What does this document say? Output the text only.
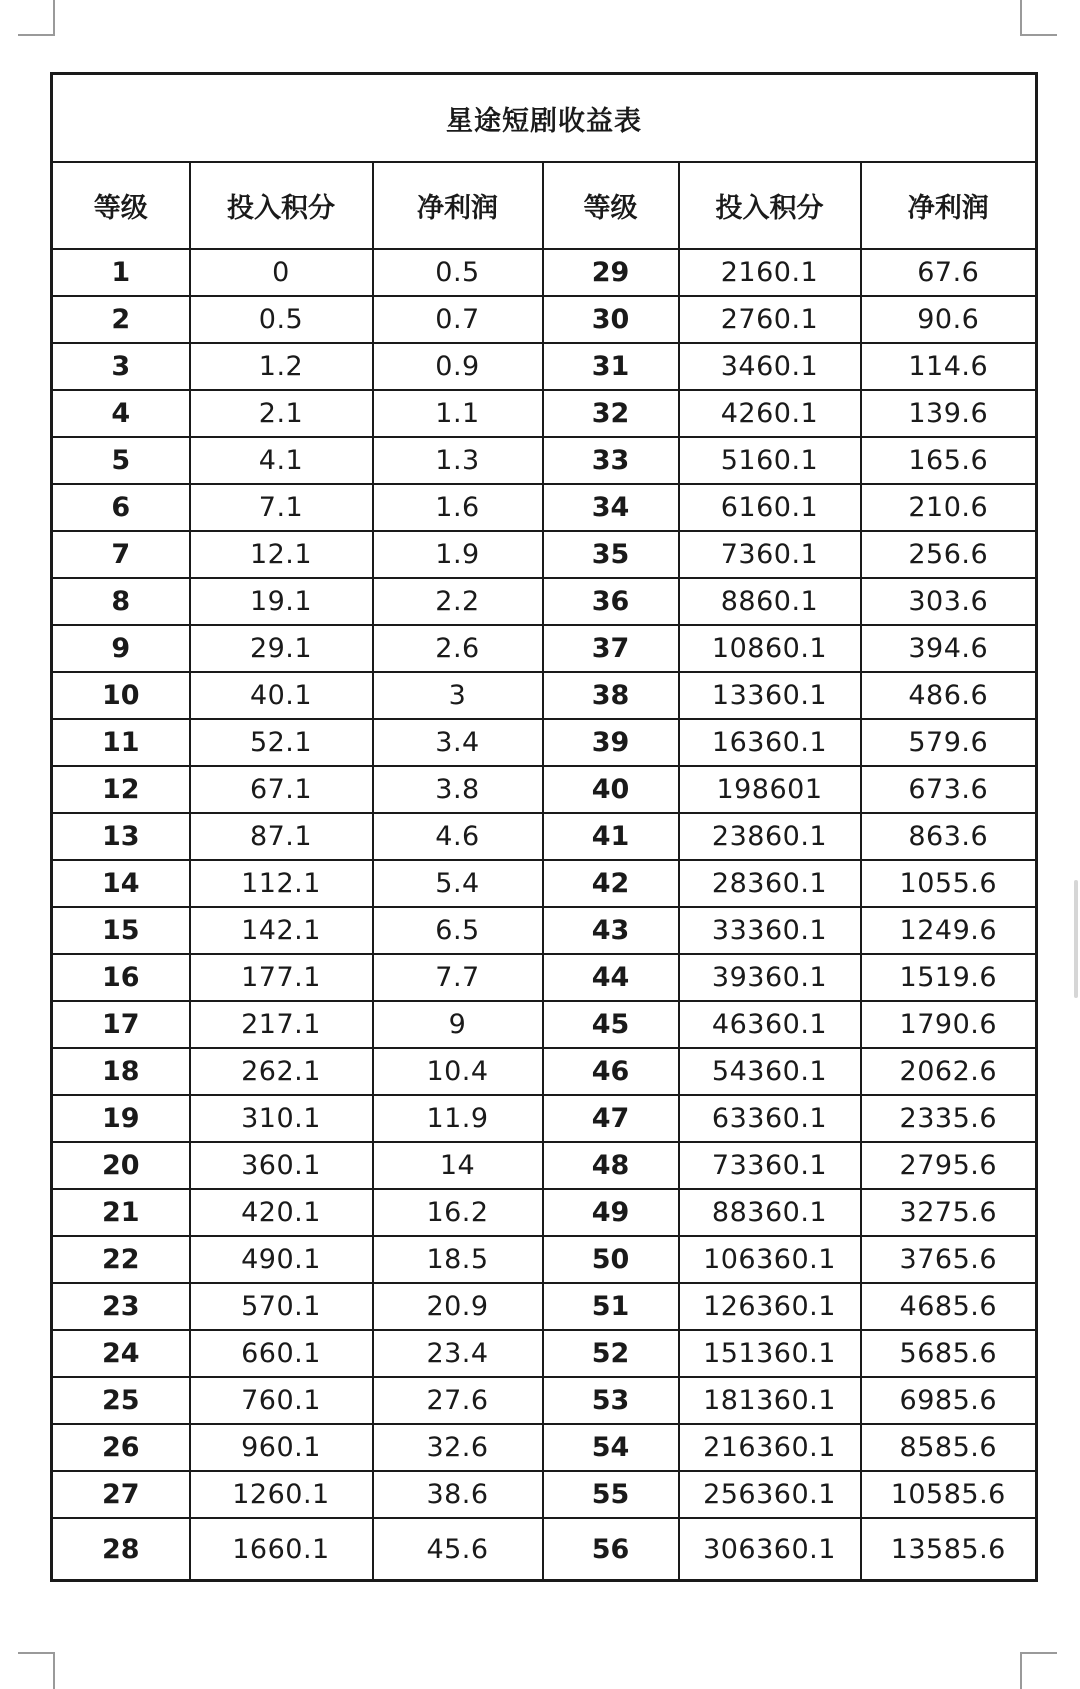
星途短剧收益表					
等级	投入积分	净利润	等级	投入积分	净利润
1	0	0.5	29	2160.1	67.6
2	0.5	0.7	30	2760.1	90.6
3	1.2	0.9	31	3460.1	114.6
4	2.1	1.1	32	4260.1	139.6
5	4.1	1.3	33	5160.1	165.6
6	7.1	1.6	34	6160.1	210.6
7	12.1	1.9	35	7360.1	256.6
8	19.1	2.2	36	8860.1	303.6
9	29.1	2.6	37	10860.1	394.6
10	40.1	3	38	13360.1	486.6
11	52.1	3.4	39	16360.1	579.6
12	67.1	3.8	40	198601	673.6
13	87.1	4.6	41	23860.1	863.6
14	112.1	5.4	42	28360.1	1055.6
15	142.1	6.5	43	33360.1	1249.6
16	177.1	7.7	44	39360.1	1519.6
17	217.1	9	45	46360.1	1790.6
18	262.1	10.4	46	54360.1	2062.6
19	310.1	11.9	47	63360.1	2335.6
20	360.1	14	48	73360.1	2795.6
21	420.1	16.2	49	88360.1	3275.6
22	490.1	18.5	50	106360.1	3765.6
23	570.1	20.9	51	126360.1	4685.6
24	660.1	23.4	52	151360.1	5685.6
25	760.1	27.6	53	181360.1	6985.6
26	960.1	32.6	54	216360.1	8585.6
27	1260.1	38.6	55	256360.1	10585.6
28	1660.1	45.6	56	306360.1	13585.6
